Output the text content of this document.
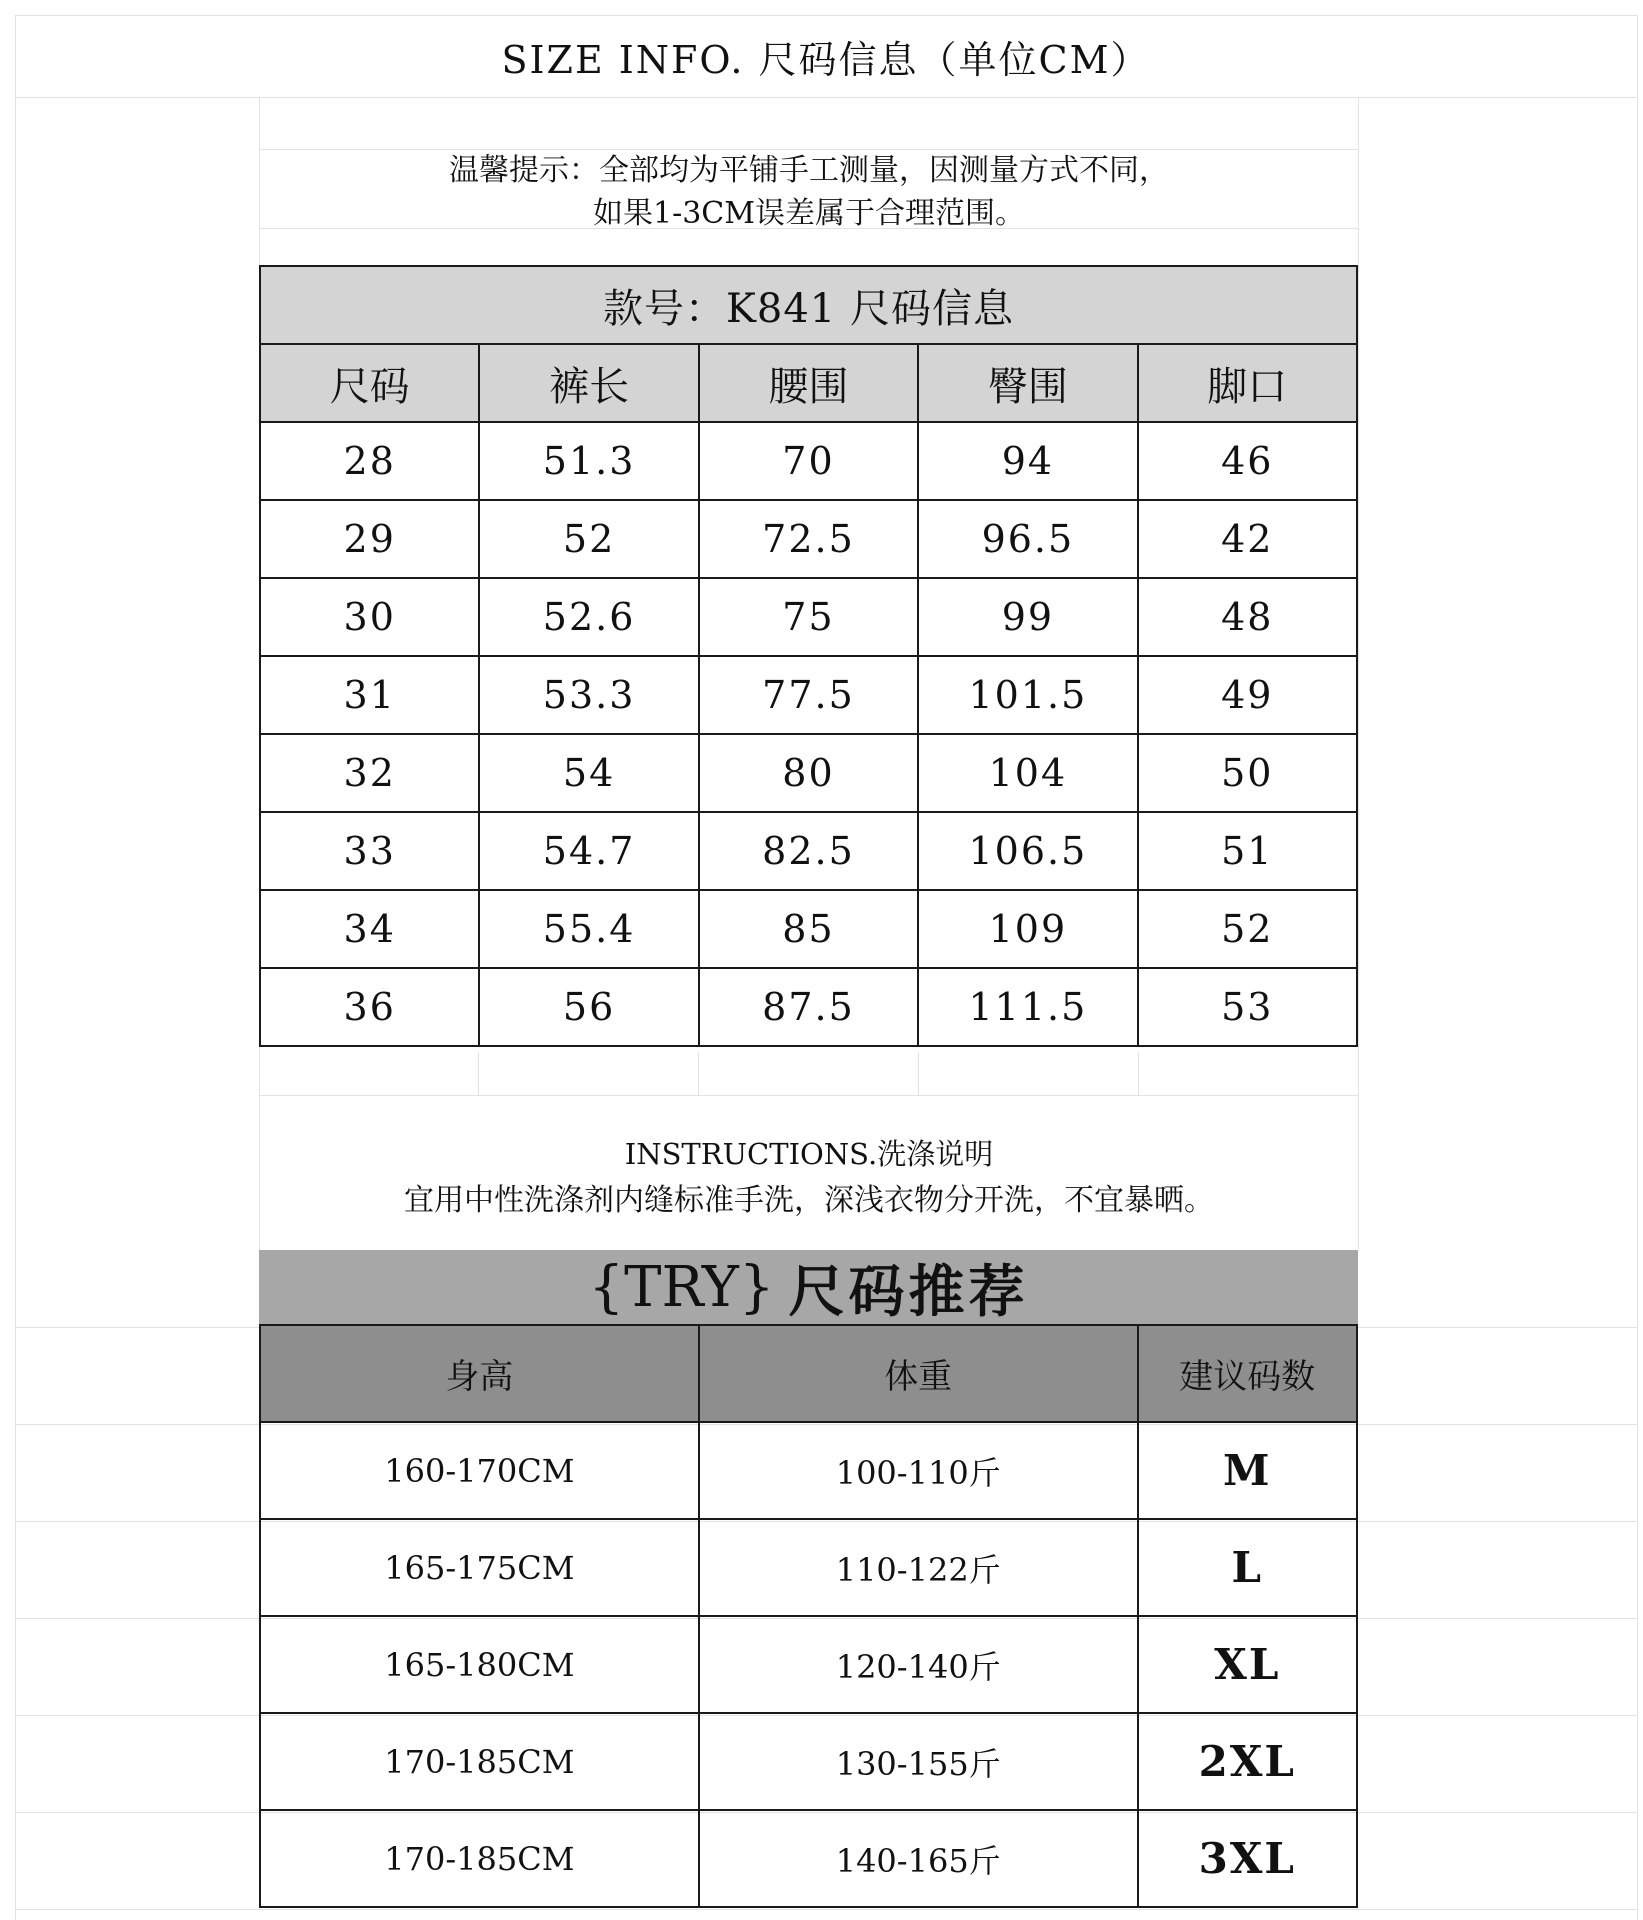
SIZE INFO. 尺码信息（单位CM）
温馨提示：全部均为平铺手工测量，因测量方式不同，
如果1-3CM误差属于合理范围。
款号：K841 尺码信息				
尺码	裤长	腰围	臀围	脚口
28	51.3	70	94	46
29	52	72.5	96.5	42
30	52.6	75	99	48
31	53.3	77.5	101.5	49
32	54	80	104	50
33	54.7	82.5	106.5	51
34	55.4	85	109	52
36	56	87.5	111.5	53
INSTRUCTIONS.洗涤说明
宜用中性洗涤剂内缝标准手洗，深浅衣物分开洗，不宜暴晒。
{TRY} 尺码推荐
身高	体重	建议码数
160-170CM	100-110斤	M
165-175CM	110-122斤	L
165-180CM	120-140斤	XL
170-185CM	130-155斤	2XL
170-185CM	140-165斤	3XL
